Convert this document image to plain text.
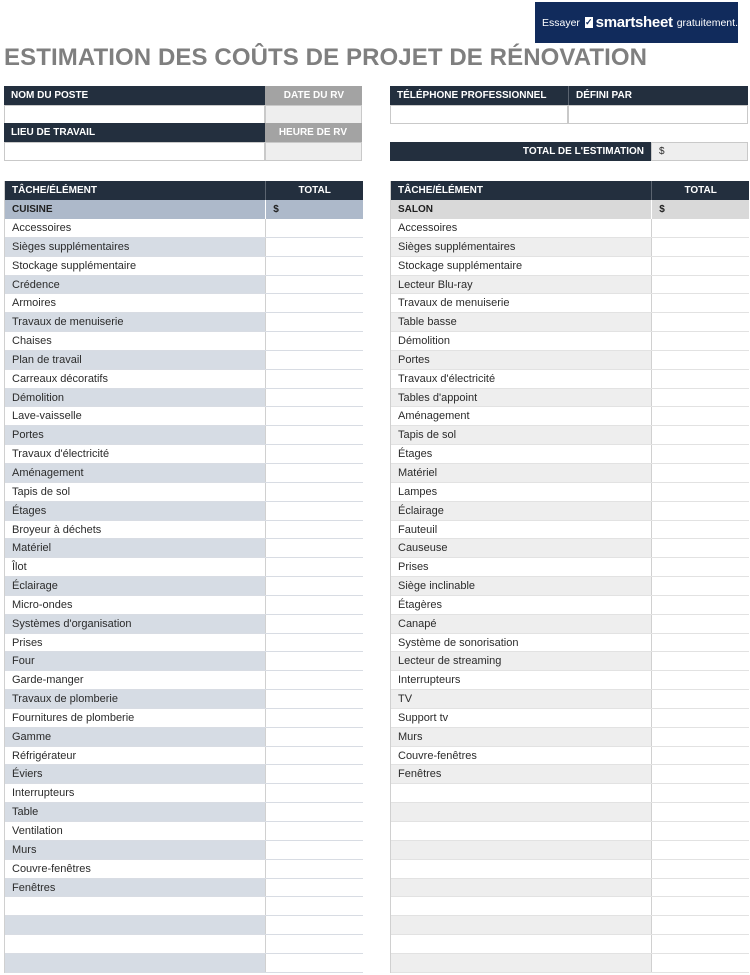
Essayer ✓ smartsheet gratuitement.
ESTIMATION DES COÛTS DE PROJET DE RÉNOVATION
NOM DU POSTE	DATE DU RV
LIEU DE TRAVAIL	HEURE DE RV
TÉLÉPHONE PROFESSIONNEL	DÉFINI PAR
TOTAL DE L'ESTIMATION	$
TÂCHE/ÉLÉMENT	TOTAL
CUISINE	$
Accessoires
Sièges supplémentaires
Stockage supplémentaire
Crédence
Armoires
Travaux de menuiserie
Chaises
Plan de travail
Carreaux décoratifs
Démolition
Lave-vaisselle
Portes
Travaux d'électricité
Aménagement
Tapis de sol
Étages
Broyeur à déchets
Matériel
Îlot
Éclairage
Micro-ondes
Systèmes d'organisation
Prises
Four
Garde-manger
Travaux de plomberie
Fournitures de plomberie
Gamme
Réfrigérateur
Éviers
Interrupteurs
Table
Ventilation
Murs
Couvre-fenêtres
Fenêtres
TÂCHE/ÉLÉMENT	TOTAL
SALON	$
Accessoires
Sièges supplémentaires
Stockage supplémentaire
Lecteur Blu-ray
Travaux de menuiserie
Table basse
Démolition
Portes
Travaux d'électricité
Tables d'appoint
Aménagement
Tapis de sol
Étages
Matériel
Lampes
Éclairage
Fauteuil
Causeuse
Prises
Siège inclinable
Étagères
Canapé
Système de sonorisation
Lecteur de streaming
Interrupteurs
TV
Support tv
Murs
Couvre-fenêtres
Fenêtres
